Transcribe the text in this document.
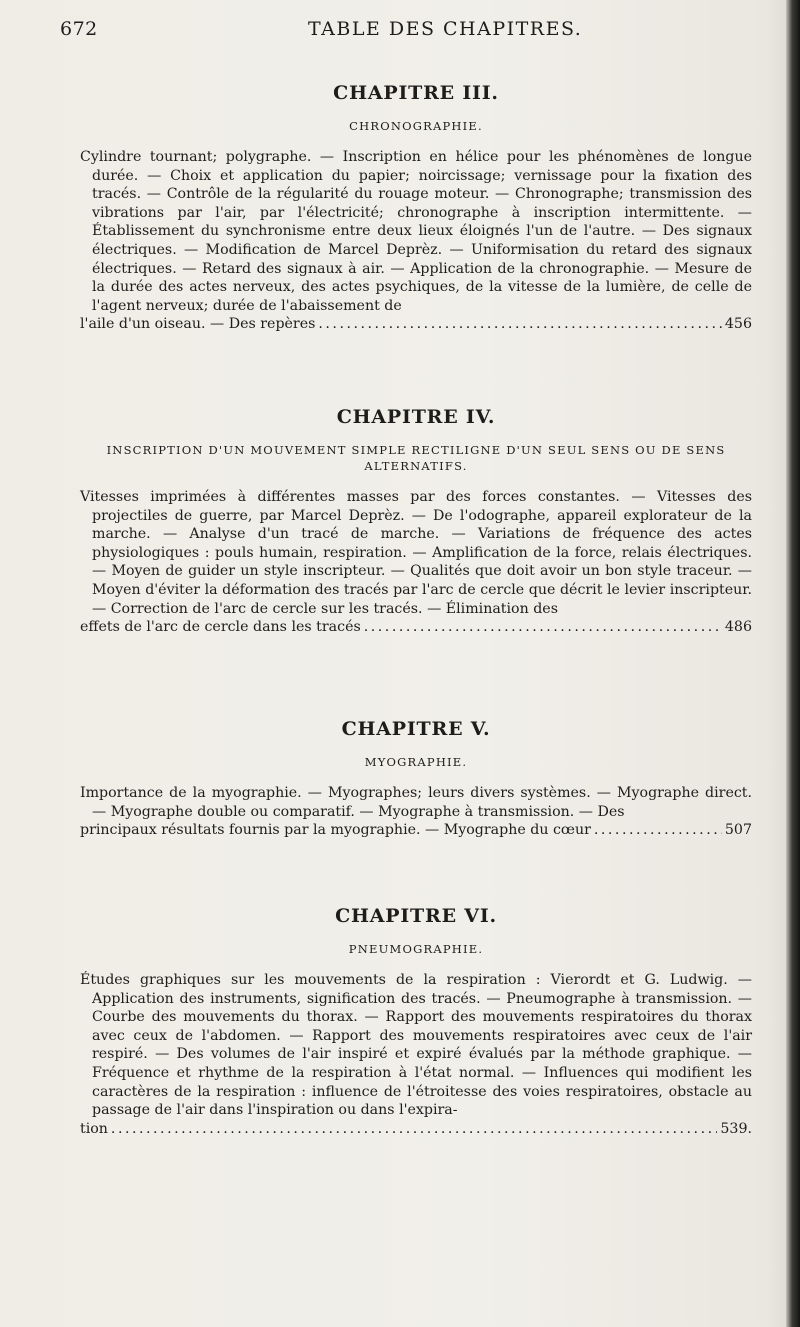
672	TABLE DES CHAPITRES.
CHAPITRE III.

CHRONOGRAPHIE.

Cylindre tournant; polygraphe. — Inscription en hélice pour les phénomènes de longue durée. — Choix et application du papier; noircissage; vernissage pour la fixation des tracés. — Contrôle de la régularité du rouage moteur. — Chronographe; transmission des vibrations par l'air, par l'électricité; chronographe à inscription intermittente. — Établissement du synchronisme entre deux lieux éloignés l'un de l'autre. — Des signaux électriques. — Modification de Marcel Deprèz. — Uniformisation du retard des signaux électriques. — Retard des signaux à air. — Application de la chronographie. — Mesure de la durée des actes nerveux, des actes psychiques, de la vitesse de la lumière, de celle de l'agent nerveux; durée de l'abaissement de

l'aile d'un oiseau. — Des repères . . .	456
CHAPITRE IV.

INSCRIPTION D'UN MOUVEMENT SIMPLE RECTILIGNE D'UN SEUL SENS OU DE SENS ALTERNATIFS.

Vitesses imprimées à différentes masses par des forces constantes. — Vitesses des projectiles de guerre, par Marcel Deprèz. — De l'odographe, appareil explorateur de la marche. — Analyse d'un tracé de marche. — Variations de fréquence des actes physiologiques : pouls humain, respiration. — Amplification de la force, relais électriques. — Moyen de guider un style inscripteur. — Qualités que doit avoir un bon style traceur. — Moyen d'éviter la déformation des tracés par l'arc de cercle que décrit le levier inscripteur. — Correction de l'arc de cercle sur les tracés. — Élimination des

effets de l'arc de cercle dans les tracés . . .	486
CHAPITRE V.

MYOGRAPHIE.

Importance de la myographie. — Myographes; leurs divers systèmes. — Myographe direct. — Myographe double ou comparatif. — Myographe à transmission. — Des

principaux résultats fournis par la myographie. — Myographe du cœur . . .	507
CHAPITRE VI.

PNEUMOGRAPHIE.

Études graphiques sur les mouvements de la respiration : Vierordt et G. Ludwig. — Application des instruments, signification des tracés. — Pneumographe à transmission. — Courbe des mouvements du thorax. — Rapport des mouvements respiratoires du thorax avec ceux de l'abdomen. — Rapport des mouvements respiratoires avec ceux de l'air respiré. — Des volumes de l'air inspiré et expiré évalués par la méthode graphique. — Fréquence et rhythme de la respiration à l'état normal. — Influences qui modifient les caractères de la respiration : influence de l'étroitesse des voies respiratoires, obstacle au passage de l'air dans l'inspiration ou dans l'expira-

tion . . .	539.
